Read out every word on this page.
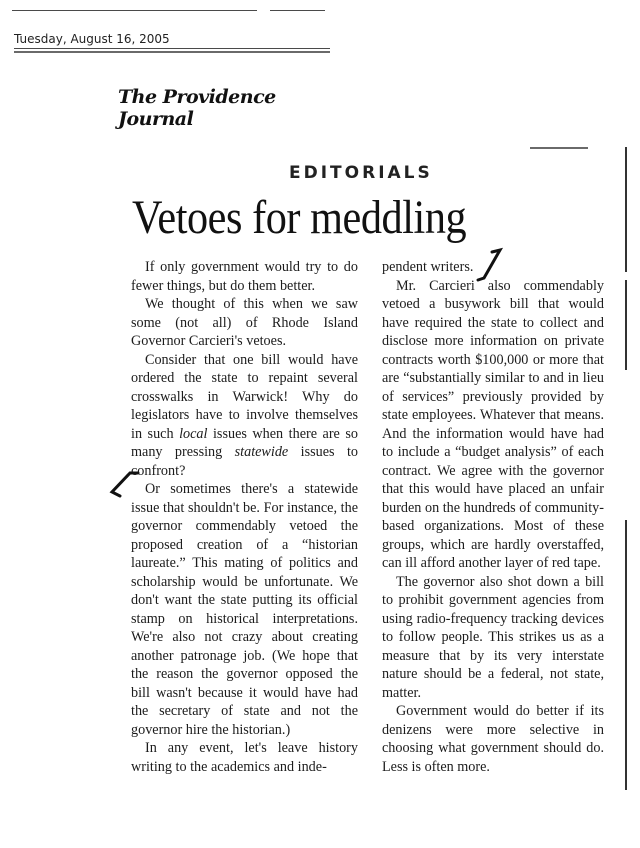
Tuesday, August 16, 2005
The Providence Journal
EDITORIALS
Vetoes for meddling

If only government would try to do fewer things, but do them better.

We thought of this when we saw some (not all) of Rhode Island Governor Carcieri's vetoes.

Consider that one bill would have ordered the state to repaint several crosswalks in Warwick! Why do legislators have to involve themselves in such local issues when there are so many pressing statewide issues to confront?

Or sometimes there's a statewide issue that shouldn't be. For instance, the governor commendably vetoed the proposed creation of a “historian laureate.” This mating of politics and scholarship would be unfortunate. We don't want the state putting its official stamp on historical interpretations. We're also not crazy about creating another patronage job. (We hope that the reason the governor opposed the bill wasn't because it would have had the secretary of state and not the governor hire the historian.)

In any event, let's leave history writing to the academics and inde-

pendent writers.

Mr. Carcieri also commendably vetoed a busywork bill that would have required the state to collect and disclose more information on private contracts worth $100,000 or more that are “substantially similar to and in lieu of services” previously provided by state employees. Whatever that means. And the information would have had to include a “budget analysis” of each contract. We agree with the governor that this would have placed an unfair burden on the hundreds of community-based organizations. Most of these groups, which are hardly overstaffed, can ill afford another layer of red tape.

The governor also shot down a bill to prohibit government agencies from using radio-frequency tracking devices to follow people. This strikes us as a measure that by its very interstate nature should be a federal, not state, matter.

Government would do better if its denizens were more selective in choosing what government should do. Less is often more.
